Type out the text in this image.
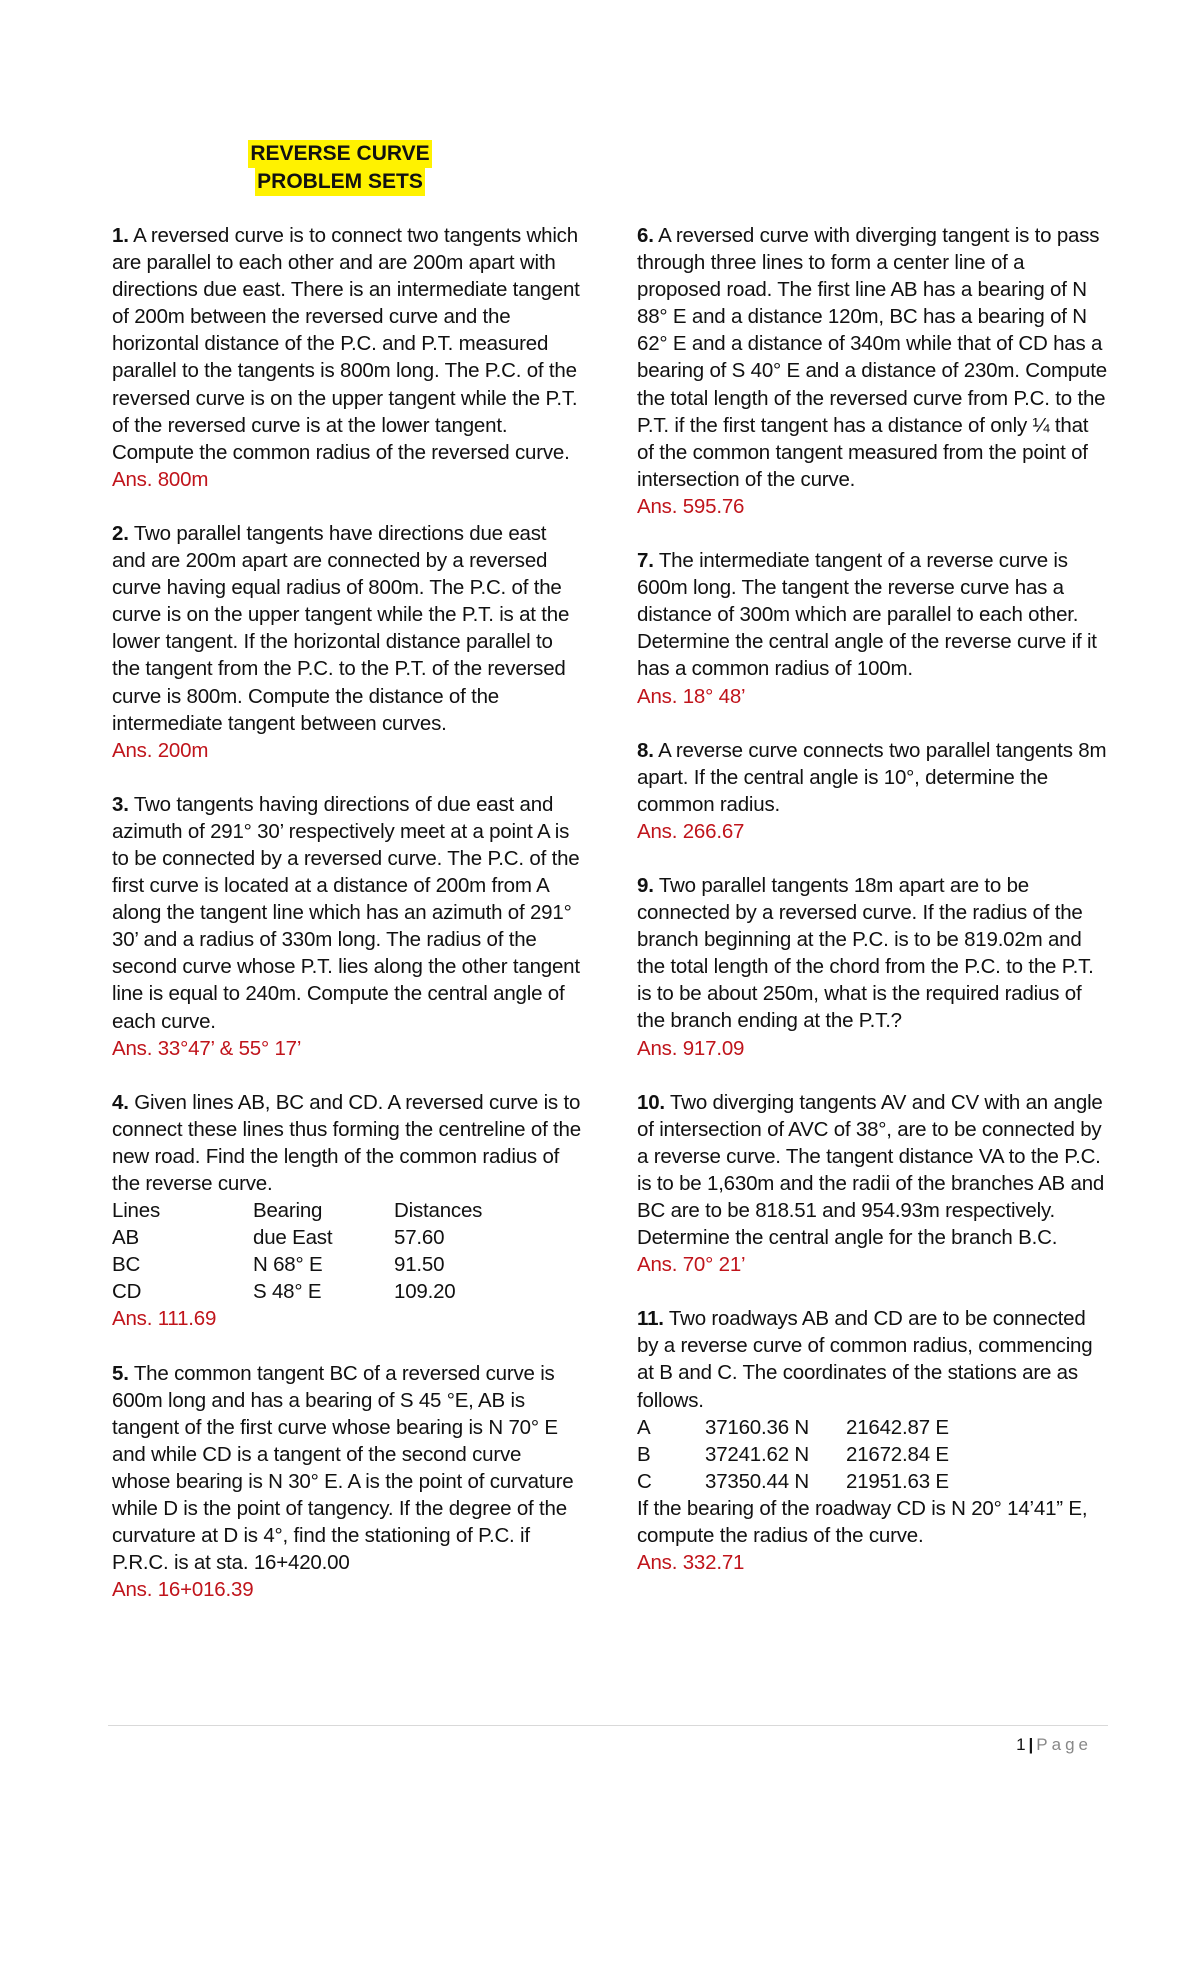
REVERSE CURVE
PROBLEM SETS

1. A reversed curve is to connect two tangents which are parallel to each other and are 200m apart with directions due east. There is an intermediate tangent of 200m between the reversed curve and the horizontal distance of the P.C. and P.T. measured parallel to the tangents is 800m long. The P.C. of the reversed curve is on the upper tangent while the P.T. of the reversed curve is at the lower tangent. Compute the common radius of the reversed curve.

Ans. 800m

2. Two parallel tangents have directions due east and are 200m apart are connected by a reversed curve having equal radius of 800m. The P.C. of the curve is on the upper tangent while the P.T. is at the lower tangent. If the horizontal distance parallel to the tangent from the P.C. to the P.T. of the reversed curve is 800m. Compute the distance of the intermediate tangent between curves.

Ans. 200m

3. Two tangents having directions of due east and azimuth of 291° 30’ respectively meet at a point A is to be connected by a reversed curve. The P.C. of the first curve is located at a distance of 200m from A along the tangent line which has an azimuth of 291° 30’ and a radius of 330m long. The radius of the second curve whose P.T. lies along the other tangent line is equal to 240m. Compute the central angle of each curve.

Ans. 33°47’ & 55° 17’

4. Given lines AB, BC and CD. A reversed curve is to connect these lines thus forming the centreline of the new road. Find the length of the common radius of the reverse curve.

Lines	Bearing	Distances
AB	due East	57.60
BC	N 68° E	91.50
CD	S 48° E	109.20

Ans. 111.69

5. The common tangent BC of a reversed curve is 600m long and has a bearing of S 45 °E, AB is tangent of the first curve whose bearing is N 70° E and while CD is a tangent of the second curve whose bearing is N 30° E. A is the point of curvature while D is the point of tangency. If the degree of the curvature at D is 4°, find the stationing of P.C. if P.R.C. is at sta. 16+420.00

Ans. 16+016.39

6. A reversed curve with diverging tangent is to pass through three lines to form a center line of a proposed road. The first line AB has a bearing of N 88° E and a distance 120m, BC has a bearing of N 62° E and a distance of 340m while that of CD has a bearing of S 40° E and a distance of 230m. Compute the total length of the reversed curve from P.C. to the P.T. if the first tangent has a distance of only ¼ that of the common tangent measured from the point of intersection of the curve.

Ans. 595.76

7. The intermediate tangent of a reverse curve is 600m long. The tangent the reverse curve has a distance of 300m which are parallel to each other. Determine the central angle of the reverse curve if it has a common radius of 100m.

Ans. 18° 48’

8. A reverse curve connects two parallel tangents 8m apart. If the central angle is 10°, determine the common radius.

Ans. 266.67

9. Two parallel tangents 18m apart are to be connected by a reversed curve. If the radius of the branch beginning at the P.C. is to be 819.02m and the total length of the chord from the P.C. to the P.T. is to be about 250m, what is the required radius of the branch ending at the P.T.?

Ans. 917.09

10. Two diverging tangents AV and CV with an angle of intersection of AVC of 38°, are to be connected by a reverse curve. The tangent distance VA to the P.C. is to be 1,630m and the radii of the branches AB and BC are to be 818.51 and 954.93m respectively. Determine the central angle for the branch B.C.

Ans. 70° 21’

11. Two roadways AB and CD are to be connected by a reverse curve of common radius, commencing at B and C. The coordinates of the stations are as follows.

A	37160.36 N	21642.87 E
B	37241.62 N	21672.84 E
C	37350.44 N	21951.63 E

If the bearing of the roadway CD is N 20° 14’41” E, compute the radius of the curve.

Ans. 332.71

1 | Page
